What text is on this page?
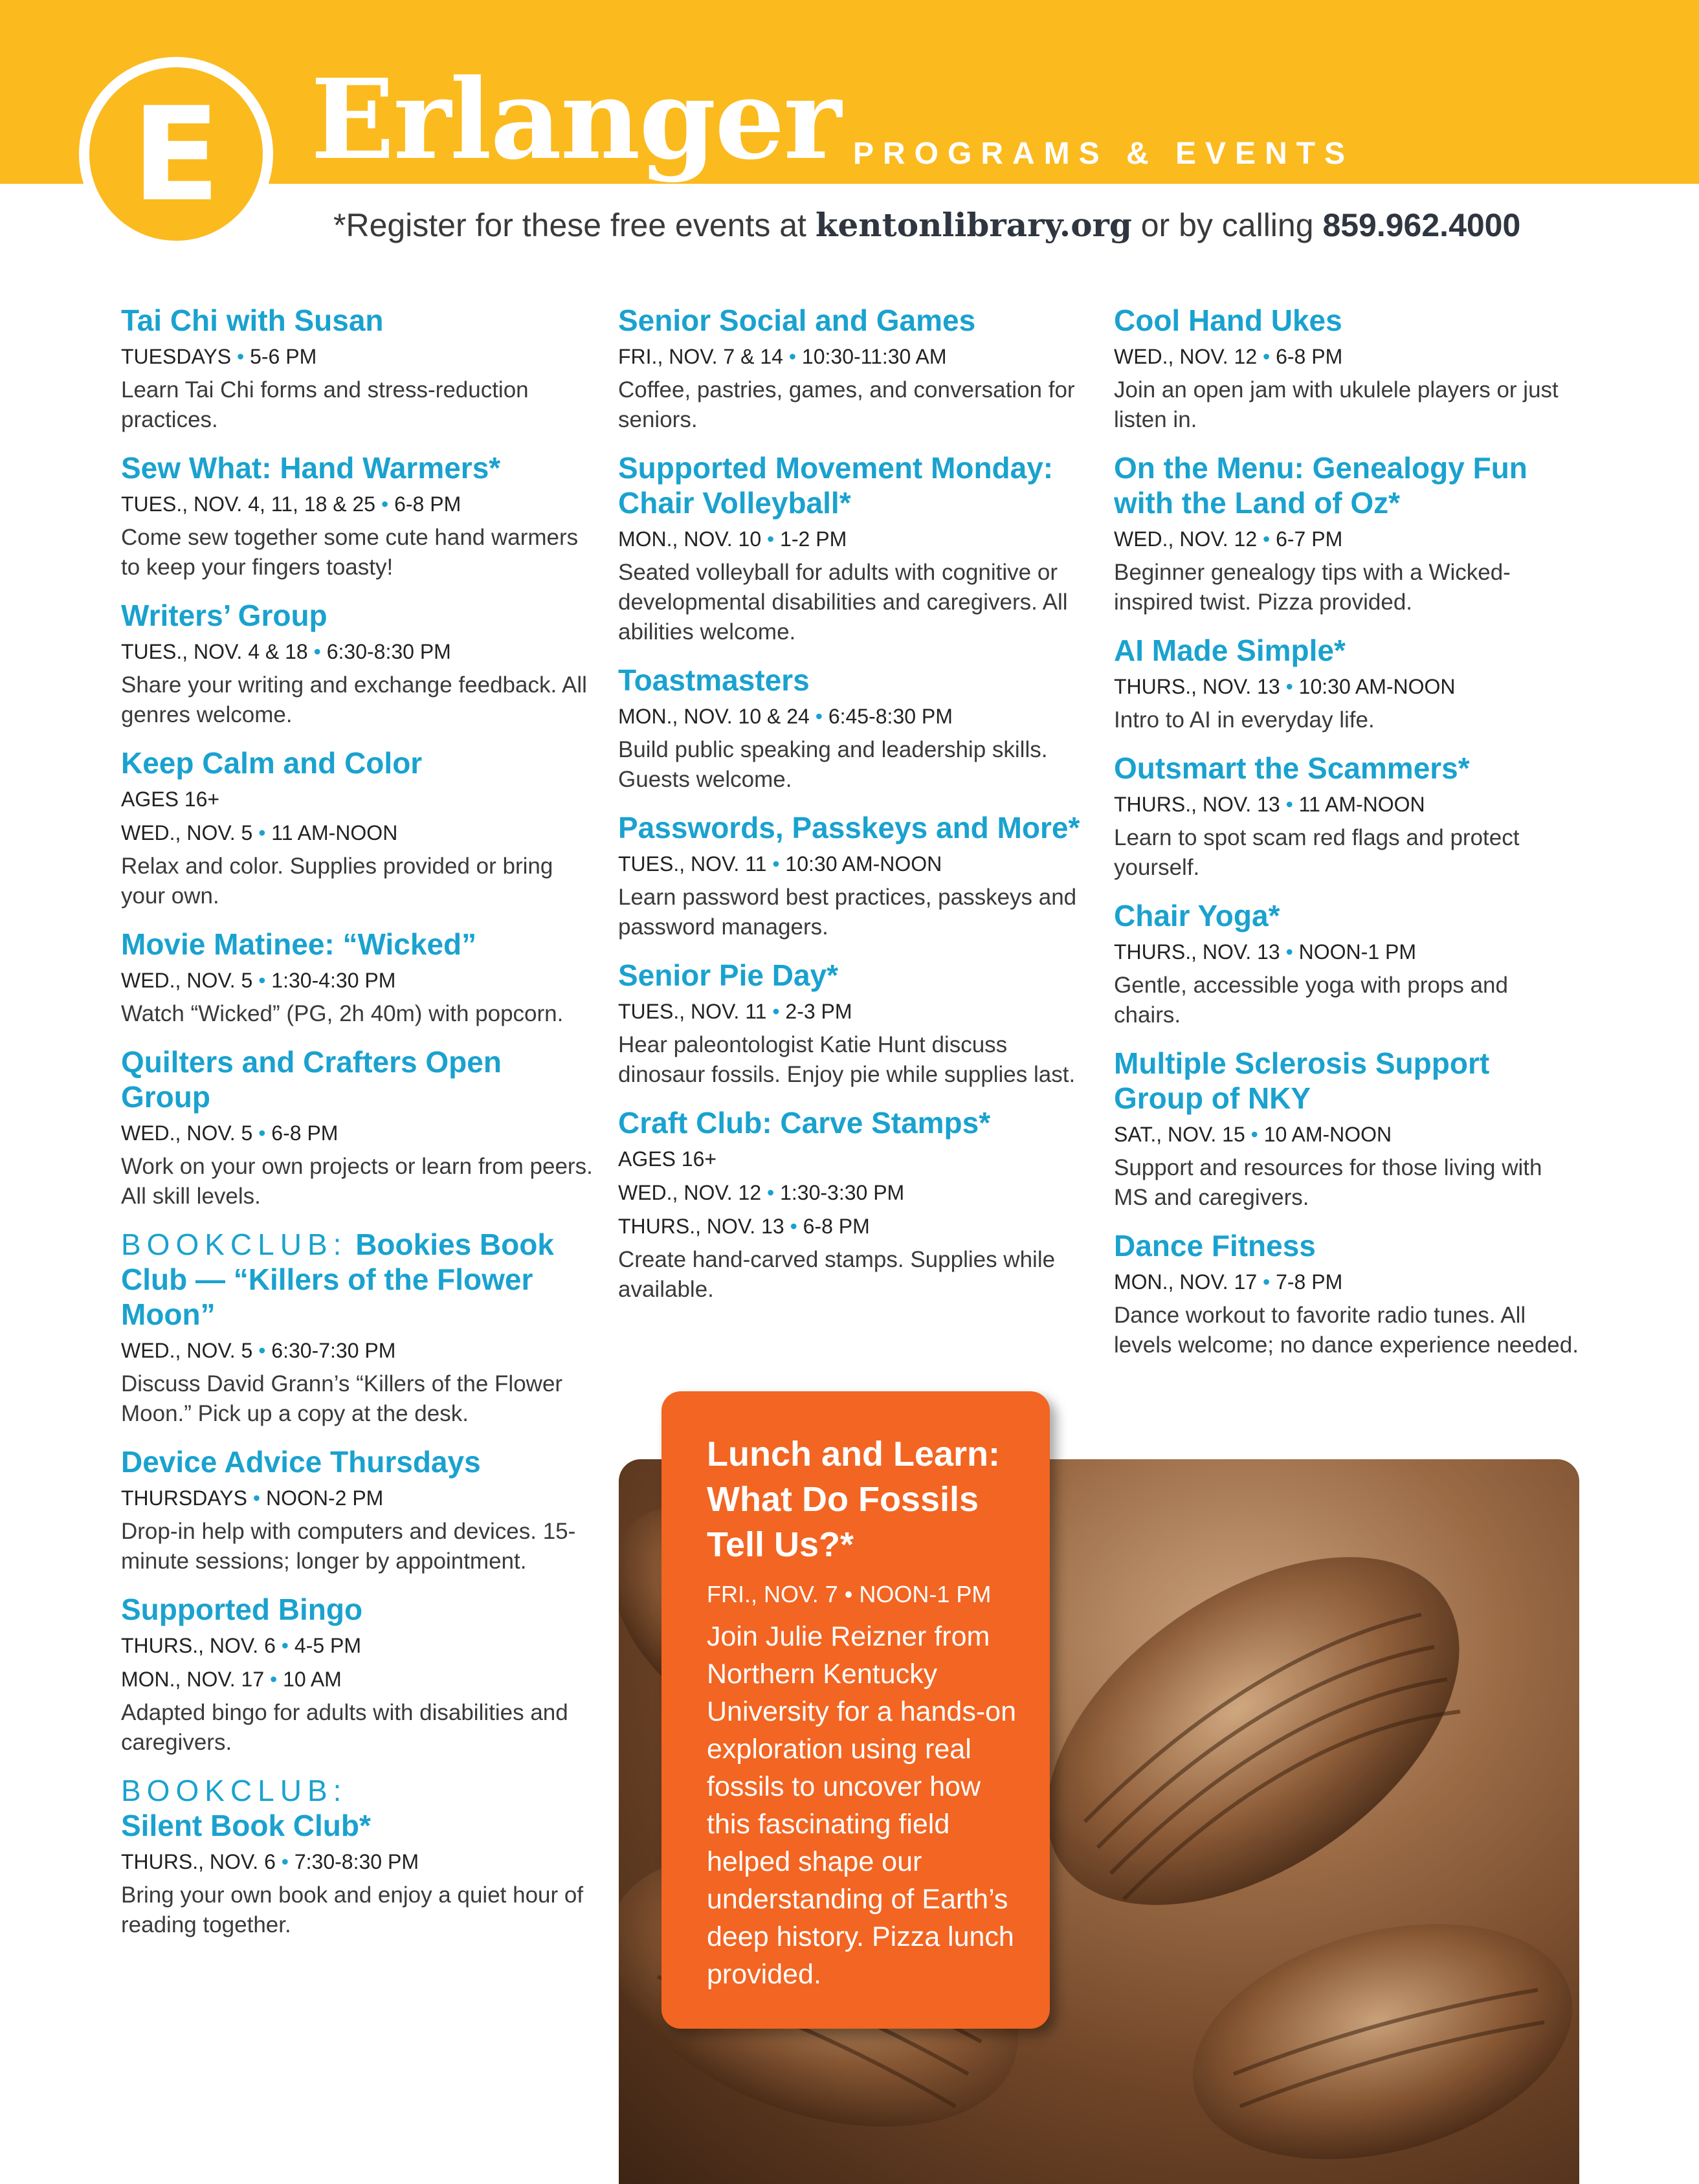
E Erlanger PROGRAMS & EVENTS
*Register for these free events at kentonlibrary.org or by calling 859.962.4000
Tai Chi with Susan
TUESDAYS • 5-6 PM
Learn Tai Chi forms and stress-reduction practices.
Sew What: Hand Warmers*
TUES., NOV. 4, 11, 18 & 25 • 6-8 PM
Come sew together some cute hand warmers to keep your fingers toasty!
Writers’ Group
TUES., NOV. 4 & 18 • 6:30-8:30 PM
Share your writing and exchange feedback. All genres welcome.
Keep Calm and Color
AGES 16+
WED., NOV. 5 • 11 AM-NOON
Relax and color. Supplies provided or bring your own.
Movie Matinee: “Wicked”
WED., NOV. 5 • 1:30-4:30 PM
Watch “Wicked” (PG, 2h 40m) with popcorn.
Quilters and Crafters Open Group
WED., NOV. 5 • 6-8 PM
Work on your own projects or learn from peers. All skill levels.
BOOKCLUB: Bookies Book Club — “Killers of the Flower Moon”
WED., NOV. 5 • 6:30-7:30 PM
Discuss David Grann’s “Killers of the Flower Moon.” Pick up a copy at the desk.
Device Advice Thursdays
THURSDAYS • NOON-2 PM
Drop-in help with computers and devices. 15-minute sessions; longer by appointment.
Supported Bingo
THURS., NOV. 6 • 4-5 PM
MON., NOV. 17 • 10 AM
Adapted bingo for adults with disabilities and caregivers.
BOOKCLUB:
Silent Book Club*
THURS., NOV. 6 • 7:30-8:30 PM
Bring your own book and enjoy a quiet hour of reading together.
Senior Social and Games
FRI., NOV. 7 & 14 • 10:30-11:30 AM
Coffee, pastries, games, and conversation for seniors.
Supported Movement Monday: Chair Volleyball*
MON., NOV. 10 • 1-2 PM
Seated volleyball for adults with cognitive or developmental disabilities and caregivers. All abilities welcome.
Toastmasters
MON., NOV. 10 & 24 • 6:45-8:30 PM
Build public speaking and leadership skills. Guests welcome.
Passwords, Passkeys and More*
TUES., NOV. 11 • 10:30 AM-NOON
Learn password best practices, passkeys and password managers.
Senior Pie Day*
TUES., NOV. 11 • 2-3 PM
Hear paleontologist Katie Hunt discuss dinosaur fossils. Enjoy pie while supplies last.
Craft Club: Carve Stamps*
AGES 16+
WED., NOV. 12 • 1:30-3:30 PM
THURS., NOV. 13 • 6-8 PM
Create hand-carved stamps. Supplies while available.
Cool Hand Ukes
WED., NOV. 12 • 6-8 PM
Join an open jam with ukulele players or just listen in.
On the Menu: Genealogy Fun with the Land of Oz*
WED., NOV. 12 • 6-7 PM
Beginner genealogy tips with a Wicked-inspired twist. Pizza provided.
AI Made Simple*
THURS., NOV. 13 • 10:30 AM-NOON
Intro to AI in everyday life.
Outsmart the Scammers*
THURS., NOV. 13 • 11 AM-NOON
Learn to spot scam red flags and protect yourself.
Chair Yoga*
THURS., NOV. 13 • NOON-1 PM
Gentle, accessible yoga with props and chairs.
Multiple Sclerosis Support Group of NKY
SAT., NOV. 15 • 10 AM-NOON
Support and resources for those living with MS and caregivers.
Dance Fitness
MON., NOV. 17 • 7-8 PM
Dance workout to favorite radio tunes. All levels welcome; no dance experience needed.
Lunch and Learn: What Do Fossils Tell Us?*
FRI., NOV. 7 • NOON-1 PM
Join Julie Reizner from Northern Kentucky University for a hands-on exploration using real fossils to uncover how this fascinating field helped shape our understanding of Earth’s deep history. Pizza lunch provided.
